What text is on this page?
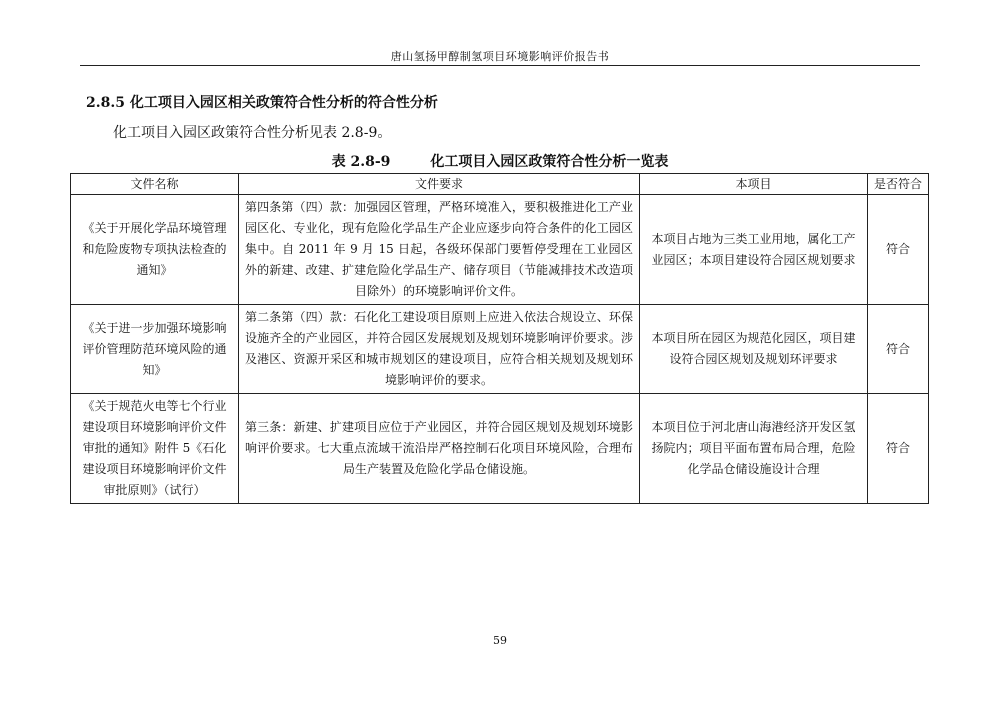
唐山氢扬甲醇制氢项目环境影响评价报告书
2.8.5 化工项目入园区相关政策符合性分析的符合性分析
化工项目入园区政策符合性分析见表 2.8-9。
表 2.8-9	化工项目入园区政策符合性分析一览表
文件名称	文件要求	本项目	是否符合
《关于开展化学品环境管理和危险废物专项执法检查的通知》	第四条第（四）款：加强园区管理，严格环境准入，要积极推进化工产业园区化、专业化，现有危险化学品生产企业应逐步向符合条件的化工园区集中。自 2011 年 9 月 15 日起，各级环保部门要暂停受理在工业园区外的新建、改建、扩建危险化学品生产、储存项目（节能减排技术改造项目除外）的环境影响评价文件。	本项目占地为三类工业用地，属化工产业园区；本项目建设符合园区规划要求	符合
《关于进一步加强环境影响评价管理防范环境风险的通知》	第二条第（四）款：石化化工建设项目原则上应进入依法合规设立、环保设施齐全的产业园区，并符合园区发展规划及规划环境影响评价要求。涉及港区、资源开采区和城市规划区的建设项目，应符合相关规划及规划环境影响评价的要求。	本项目所在园区为规范化园区，项目建设符合园区规划及规划环评要求	符合
《关于规范火电等七个行业建设项目环境影响评价文件审批的通知》附件 5《石化建设项目环境影响评价文件审批原则》（试行）	第三条：新建、扩建项目应位于产业园区，并符合园区规划及规划环境影响评价要求。七大重点流域干流沿岸严格控制石化项目环境风险，合理布局生产装置及危险化学品仓储设施。	本项目位于河北唐山海港经济开发区氢扬院内；项目平面布置布局合理，危险化学品仓储设施设计合理	符合
59
